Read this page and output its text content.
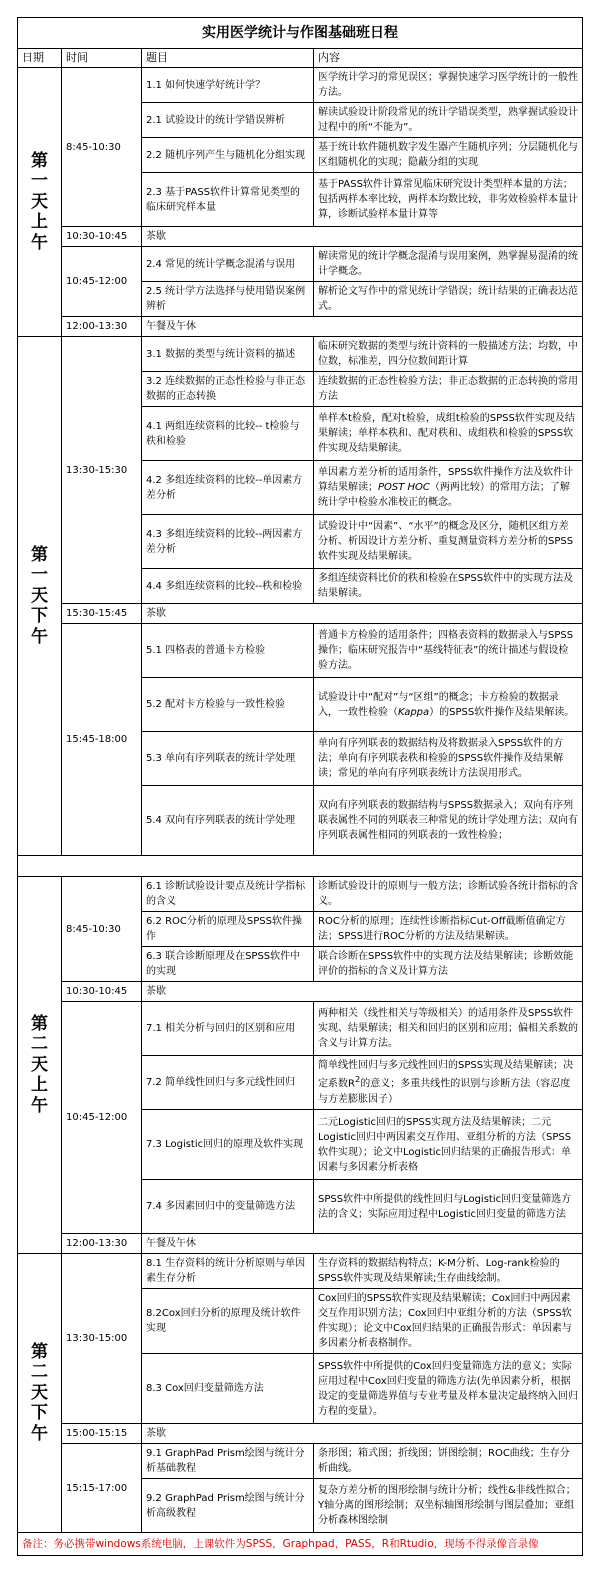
实用医学统计与作图基础班日程			
日期	时间	题目	内容
第一天上午	8:45-10:30	1.1 如何快速学好统计学？	医学统计学习的常见误区；掌握快速学习医学统计的一般性方法。
		2.1 试验设计的统计学错误辨析	解读试验设计阶段常见的统计学错误类型，熟掌握试验设计过程中的所“不能为”。
		2.2 随机序列产生与随机化分组实现	基于统计软件随机数字发生器产生随机序列；分层随机化与区组随机化的实现；隐蔽分组的实现
		2.3 基于PASS软件计算常见类型的临床研究样本量	基于PASS软件计算常见临床研究设计类型样本量的方法；包括两样本率比较，两样本均数比较，非劣效检验样本量计算，诊断试验样本量计算等
	10:30-10:45	茶歇	
	10:45-12:00	2.4 常见的统计学概念混淆与误用	解读常见的统计学概念混淆与误用案例，熟掌握易混淆的统计学概念。
		2.5 统计学方法选择与使用错误案例辨析	解析论文写作中的常见统计学错误；统计结果的正确表达范式。
	12:00-13:30	午餐及午休	
第一天下午	13:30-15:30	3.1 数据的类型与统计资料的描述	临床研究数据的类型与统计资料的一般描述方法；均数，中位数，标准差，四分位数间距计算
		3.2 连续数据的正态性检验与非正态数据的正态转换	连续数据的正态性检验方法；非正态数据的正态转换的常用方法
		4.1 两组连续资料的比较-- t检验与秩和检验	单样本t检验，配对t检验，成组t检验的SPSS软件实现及结果解读；单样本秩和、配对秩和、成组秩和检验的SPSS软件实现及结果解读。
		4.2 多组连续资料的比较--单因素方差分析	单因素方差分析的适用条件，SPSS软件操作方法及软件计算结果解读；POST HOC（两两比较）的常用方法；了解统计学中检验水准校正的概念。
		4.3 多组连续资料的比较--两因素方差分析	试验设计中“因素”、“水平”的概念及区分，随机区组方差分析、析因设计方差分析、重复测量资料方差分析的SPSS软件实现及结果解读。
		4.4 多组连续资料的比较--秩和检验	多组连续资料比价的秩和检验在SPSS软件中的实现方法及结果解读。
	15:30-15:45	茶歇	
	15:45-18:00	5.1 四格表的普通卡方检验	普通卡方检验的适用条件；四格表资料的数据录入与SPSS操作；临床研究报告中“基线特征表”的统计描述与假设检验方法。
		5.2 配对卡方检验与一致性检验	试验设计中“配对”与“区组”的概念；卡方检验的数据录入，一致性检验（Kappa）的SPSS软件操作及结果解读。
		5.3 单向有序列联表的统计学处理	单向有序列联表的数据结构及将数据录入SPSS软件的方法；单向有序列联表秩和检验的SPSS软件操作及结果解读；常见的单向有序列联表统计方法误用形式。
		5.4 双向有序列联表的统计学处理	双向有序列联表的数据结构与SPSS数据录入；双向有序列联表属性不同的列联表三种常见的统计学处理方法；双向有序列联表属性相同的列联表的一致性检验；

第二天上午	8:45-10:30	6.1 诊断试验设计要点及统计学指标的含义	诊断试验设计的原则与一般方法；诊断试验各统计指标的含义。
		6.2 ROC分析的原理及SPSS软件操作	ROC分析的原理；连续性诊断指标Cut-Off截断值确定方法；SPSS进行ROC分析的方法及结果解读。
		6.3 联合诊断原理及在SPSS软件中的实现	联合诊断在SPSS软件中的实现方法及结果解读；诊断效能评价的指标的含义及计算方法
	10:30-10:45	茶歇	
	10:45-12:00	7.1 相关分析与回归的区别和应用	两种相关（线性相关与等级相关）的适用条件及SPSS软件实现、结果解读；相关和回归的区别和应用；偏相关系数的含义与计算方法。
		7.2 简单线性回归与多元线性回归	简单线性回归与多元线性回归的SPSS实现及结果解读；决定系数$R^2$的意义；多重共线性的识别与诊断方法（容忍度与方差膨胀因子）
		7.3 Logistic回归的原理及软件实现	二元Logistic回归的SPSS实现方法及结果解读；二元Logistic回归中两因素交互作用、亚组分析的方法（SPSS软件实现）；论文中Logistic回归结果的正确报告形式：单因素与多因素分析表格
		7.4 多因素回归中的变量筛选方法	SPSS软件中所提供的线性回归与Logistic回归变量筛选方法的含义；实际应用过程中Logistic回归变量的筛选方法
	12:00-13:30	午餐及午休	
第二天下午	13:30-15:00	8.1 生存资料的统计分析原则与单因素生存分析	生存资料的数据结构特点；K-M分析、Log-rank检验的SPSS软件实现及结果解读;生存曲线绘制。
		8.2Cox回归分析的原理及统计软件实现	Cox回归的SPSS软件实现及结果解读；Cox回归中两因素交互作用识别方法；Cox回归中亚组分析的方法（SPSS软件实现）；论文中Cox回归结果的正确报告形式：单因素与多因素分析表格制作。
		8.3 Cox回归变量筛选方法	SPSS软件中所提供的Cox回归变量筛选方法的意义；实际应用过程中Cox回归变量的筛选方法(先单因素分析，根据设定的变量筛选界值与专业考量及样本量决定最终纳入回归方程的变量）。
	15:00-15:15	茶歇	
	15:15-17:00	9.1 GraphPad Prism绘图与统计分析基础教程	条形图；箱式图；折线图；饼图绘制；ROC曲线；生存分析曲线。
		9.2 GraphPad Prism绘图与统计分析高级教程	复杂方差分析的图形绘制与统计分析；线性&非线性拟合；Y轴分离的图形绘制；双坐标轴图形绘制与图层叠加；亚组分析森林图绘制
备注：务必携带windows系统电脑，上课软件为SPSS，Graphpad，PASS，R和Rtudio，现场不得录像音录像			
